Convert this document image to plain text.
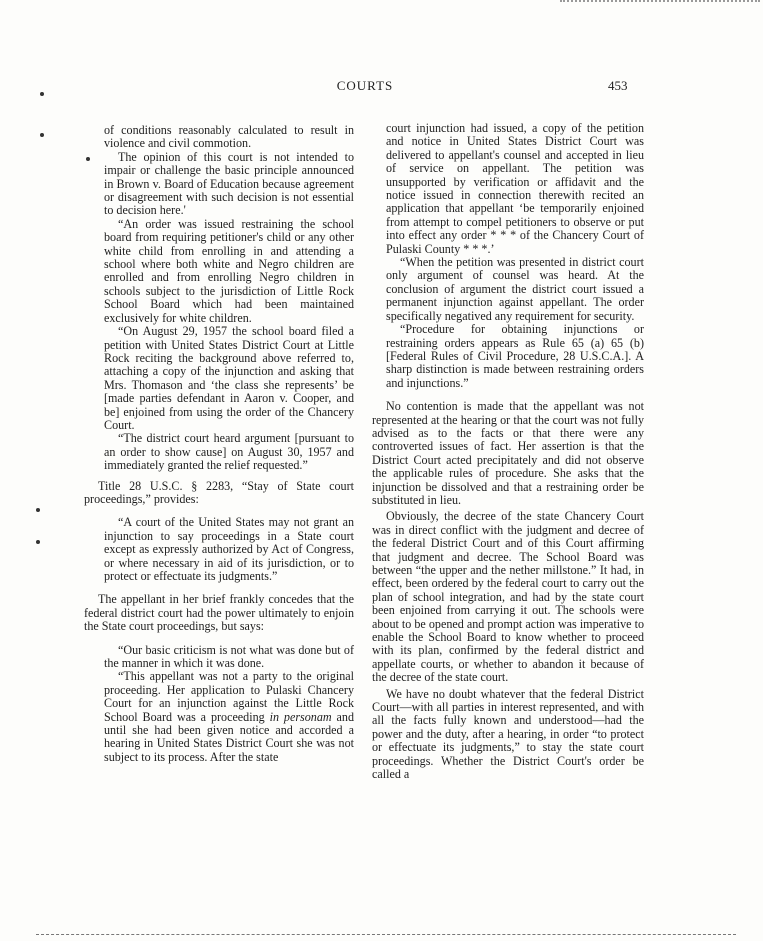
COURTS	453

of conditions reasonably calculated to result in violence and civil commotion.

The opinion of this court is not intended to impair or challenge the basic principle announced in Brown v. Board of Education because agreement or disagreement with such decision is not essential to decision here.'

“An order was issued restraining the school board from requiring petitioner's child or any other white child from enrolling in and attending a school where both white and Negro children are enrolled and from enrolling Negro children in schools subject to the jurisdiction of Little Rock School Board which had been maintained exclusively for white children.

“On August 29, 1957 the school board filed a petition with United States District Court at Little Rock reciting the background above referred to, attaching a copy of the injunction and asking that Mrs. Thomason and ‘the class she represents’ be [made parties defendant in Aaron v. Cooper, and be] enjoined from using the order of the Chancery Court.

“The district court heard argument [pursuant to an order to show cause] on August 30, 1957 and immediately granted the relief requested.”

Title 28 U.S.C. § 2283, “Stay of State court proceedings,” provides:

“A court of the United States may not grant an injunction to say proceedings in a State court except as expressly authorized by Act of Congress, or where necessary in aid of its jurisdiction, or to protect or effectuate its judgments.”

The appellant in her brief frankly concedes that the federal district court had the power ultimately to enjoin the State court proceedings, but says:

“Our basic criticism is not what was done but of the manner in which it was done.

“This appellant was not a party to the original proceeding. Her application to Pulaski Chancery Court for an injunction against the Little Rock School Board was a proceeding in personam and until she had been given notice and accorded a hearing in United States District Court she was not subject to its process. After the state

court injunction had issued, a copy of the petition and notice in United States District Court was delivered to appellant's counsel and accepted in lieu of service on appellant. The petition was unsupported by verification or affidavit and the notice issued in connection therewith recited an application that appellant ‘be temporarily enjoined from attempt to compel petitioners to observe or put into effect any order * * * of the Chancery Court of Pulaski County * * *.’

“When the petition was presented in district court only argument of counsel was heard. At the conclusion of argument the district court issued a permanent injunction against appellant. The order specifically negatived any requirement for security.

“Procedure for obtaining injunctions or restraining orders appears as Rule 65 (a) 65 (b) [Federal Rules of Civil Procedure, 28 U.S.C.A.]. A sharp distinction is made between restraining orders and injunctions.”

No contention is made that the appellant was not represented at the hearing or that the court was not fully advised as to the facts or that there were any controverted issues of fact. Her assertion is that the District Court acted precipitately and did not observe the applicable rules of procedure. She asks that the injunction be dissolved and that a restraining order be substituted in lieu.

Obviously, the decree of the state Chancery Court was in direct conflict with the judgment and decree of the federal District Court and of this Court affirming that judgment and decree. The School Board was between “the upper and the nether millstone.” It had, in effect, been ordered by the federal court to carry out the plan of school integration, and had by the state court been enjoined from carrying it out. The schools were about to be opened and prompt action was imperative to enable the School Board to know whether to proceed with its plan, confirmed by the federal district and appellate courts, or whether to abandon it because of the decree of the state court.

We have no doubt whatever that the federal District Court—with all parties in interest represented, and with all the facts fully known and understood—had the power and the duty, after a hearing, in order “to protect or effectuate its judgments,” to stay the state court proceedings. Whether the District Court's order be called a
